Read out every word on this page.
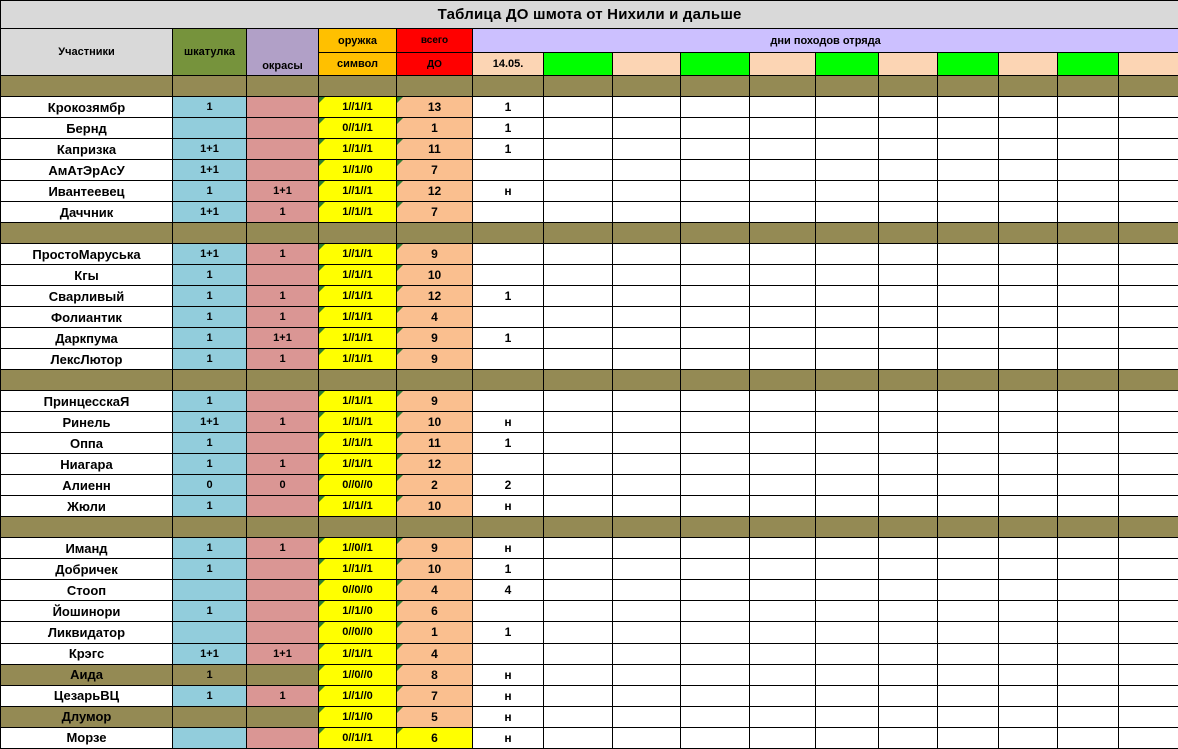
Таблица ДО шмота от Нихили и дальше															
Участники	шкатулка	окрасы	оружка	всего	дни походов отряда										
			символ	ДО	14.05.										

Крокозямбр	1		1//1//1	13	1										
Бернд			0//1//1	1	1										
Капризка	1+1		1//1//1	11	1										
АмАтЭрАсУ	1+1		1//1//0	7											
Ивантеевец	1	1+1	1//1//1	12	н										
Даччник	1+1	1	1//1//1	7											

ПростоМаруська	1+1	1	1//1//1	9											
Кгы	1		1//1//1	10											
Сварливый	1	1	1//1//1	12	1										
Фолиантик	1	1	1//1//1	4											
Даркпума	1	1+1	1//1//1	9	1										
ЛексЛютор	1	1	1//1//1	9											

ПринцесскаЯ	1		1//1//1	9											
Ринель	1+1	1	1//1//1	10	н										
Оппа	1		1//1//1	11	1										
Ниагара	1	1	1//1//1	12											
Алиенн	0	0	0//0//0	2	2										
Жюли	1		1//1//1	10	н										

Иманд	1	1	1//0//1	9	н										
Добричек	1		1//1//1	10	1										
Стооп			0//0//0	4	4										
Йошинори	1		1//1//0	6											
Ликвидатор			0//0//0	1	1										
Крэгс	1+1	1+1	1//1//1	4											
Аида	1		1//0//0	8	н										
ЦезарьВЦ	1	1	1//1//0	7	н										
Длумор			1//1//0	5	н										
Морзе			0//1//1	6	н										
